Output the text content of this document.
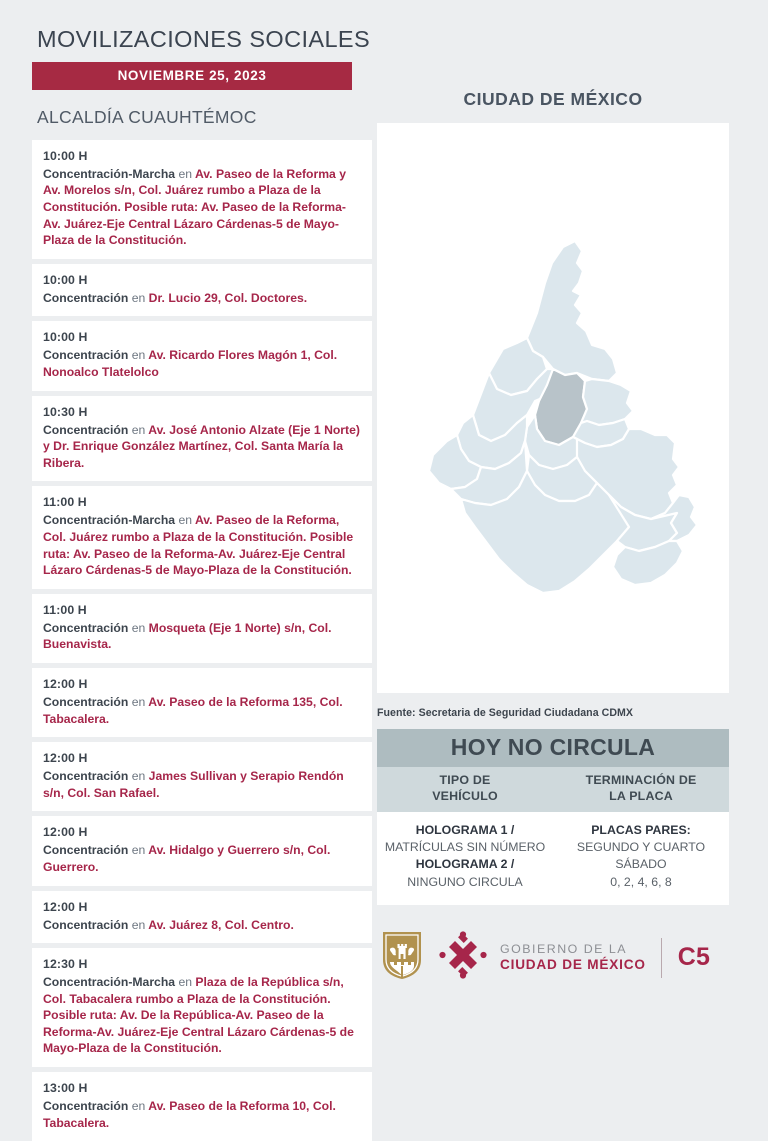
MOVILIZACIONES SOCIALES
NOVIEMBRE 25, 2023
ALCALDÍA CUAUHTÉMOC
10:00 H
Concentración-Marcha en Av. Paseo de la Reforma y Av. Morelos s/n, Col. Juárez rumbo a Plaza de la Constitución. Posible ruta: Av. Paseo de la Reforma-Av. Juárez-Eje Central Lázaro Cárdenas-5 de Mayo-Plaza de la Constitución.
10:00 H
Concentración en Dr. Lucio 29, Col. Doctores.
10:00 H
Concentración en Av. Ricardo Flores Magón 1, Col. Nonoalco Tlatelolco
10:30 H
Concentración en Av. José Antonio Alzate (Eje 1 Norte) y Dr. Enrique González Martínez, Col. Santa María la Ribera.
11:00 H
Concentración-Marcha en Av. Paseo de la Reforma, Col. Juárez rumbo a Plaza de la Constitución. Posible ruta: Av. Paseo de la Reforma-Av. Juárez-Eje Central Lázaro Cárdenas-5 de Mayo-Plaza de la Constitución.
11:00 H
Concentración en Mosqueta (Eje 1 Norte) s/n, Col. Buenavista.
12:00 H
Concentración en Av. Paseo de la Reforma 135, Col. Tabacalera.
12:00 H
Concentración en James Sullivan y Serapio Rendón s/n, Col. San Rafael.
12:00 H
Concentración en Av. Hidalgo y Guerrero s/n, Col. Guerrero.
12:00 H
Concentración en Av. Juárez 8, Col. Centro.
12:30 H
Concentración-Marcha en Plaza de la República s/n, Col. Tabacalera rumbo a Plaza de la Constitución. Posible ruta: Av. De la República-Av. Paseo de la Reforma-Av. Juárez-Eje Central Lázaro Cárdenas-5 de Mayo-Plaza de la Constitución.
13:00 H
Concentración en Av. Paseo de la Reforma 10, Col. Tabacalera.
CIUDAD DE MÉXICO
Fuente: Secretaria de Seguridad Ciudadana CDMX
HOY NO CIRCULA
TIPO DE
VEHÍCULO
TERMINACIÓN DE
LA PLACA
HOLOGRAMA 1 /
MATRÍCULAS SIN NÚMERO
HOLOGRAMA 2 /
NINGUNO CIRCULA
PLACAS PARES: SEGUNDO Y CUARTO SÁBADO
0, 2, 4, 6, 8
GOBIERNO DE LA
CIUDAD DE MÉXICO C5
